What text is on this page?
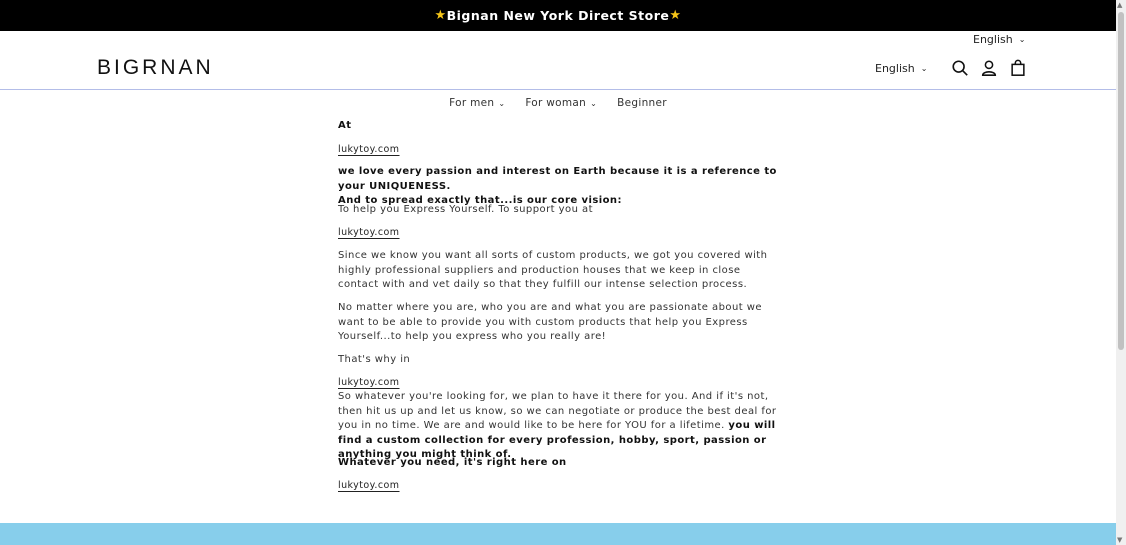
★ Bignan New York Direct Store ★
English ⌄
BIGRNAN	English ⌄
For men ⌄ For woman ⌄ Beginner
At
lukytoy.com
we love every passion and interest on Earth because it is a reference to your UNIQUENESS.
And to spread exactly that...is our core vision:
To help you Express Yourself. To support you at
lukytoy.com
Since we know you want all sorts of custom products, we got you covered with highly professional suppliers and production houses that we keep in close contact with and vet daily so that they fulfill our intense selection process.
No matter where you are, who you are and what you are passionate about we want to be able to provide you with custom products that help you Express Yourself...to help you express who you really are!
That's why in
lukytoy.com
So whatever you're looking for, we plan to have it there for you. And if it's not, then hit us up and let us know, so we can negotiate or produce the best deal for you in no time. We are and would like to be here for YOU for a lifetime. you will find a custom collection for every profession, hobby, sport, passion or anything you might think of.
Whatever you need, it's right here on
lukytoy.com
▲
▼
